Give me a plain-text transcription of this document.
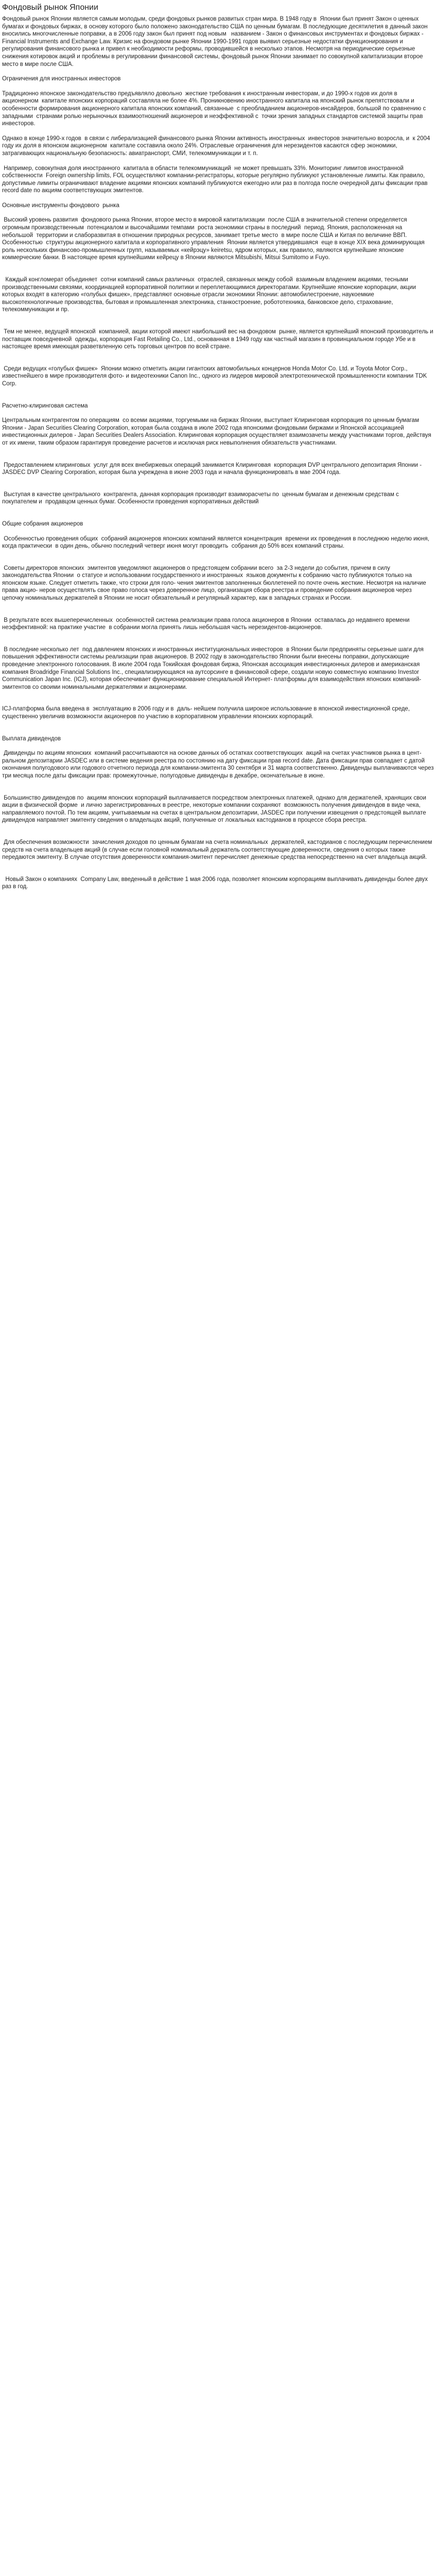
Фондовый рынок Японии

Фондовый рынок Японии является самым молодым, среди фондовых рынков развитых стран мира. В 1948 году в  Японии был принят Закон о ценных бумагах и фондовых биржах, в основу которого было положено законодательство США по ценным бумагам. В последующие десятилетия в данный закон вносились многочисленные поправки, а в 2006 году закон был принят под новым   названием - Закон о финансовых инструментах и фондовых биржах - Financial Instruments and Exchange Law. Кризис на фондовом рынке Японии 1990-1991 годов выявил серьезные недостатки функционирования и регулирования финансового рынка и привел к необходимости реформы, проводившейся в несколько этапов. Несмотря на периодические серьезные снижения котировок акций и проблемы в регулировании финансовой системы, фондовый рынок Японии занимает по совокупной капитализации второе место в мире после США.

Ограничения для иностранных инвесторов

Традиционно японское законодательство предъявляло довольно  жесткие требования к иностранным инвесторам, и до 1990-х годов их доля в акционерном  капитале японских корпораций составляла не более 4%. Проникновению иностранного капитала на японский рынок препятствовали и особенности формирования акционерного капитала японских компаний, связанные  с преобладанием акционеров-инсайдеров, большой по сравнению с западными  странами ролью нерыночных взаимоотношений акционеров и неэффективной с  точки зрения западных стандартов системой защиты прав инвесторов.

Однако в конце 1990-х годов  в связи с либерализацией финансового рынка Японии активность иностранных  инвесторов значительно возросла, и  к 2004 году их доля в японском акционерном  капитале составила около 24%. Отраслевые ограничения для нерезидентов касаются сфер экономики, затрагивающих национальную безопасность: авиатранспорт, СМИ, телекоммуникации и т. п.

Например, совокупная доля иностранного  капитала в области телекоммуникаций  не может превышать 33%. Мониторинг лимитов иностранной собственности  Foreign ownership limits, FOL осуществляют компании-регистраторы, которые регулярно публикуют установленные лимиты. Как правило, допустимые лимиты ограничивают владение акциями японских компаний публикуются ежегодно или раз в полгода после очередной даты фиксации прав record date по акциям соответствующих эмитентов.

Основные инструменты фондового  рынка

Высокий уровень развития  фондового рынка Японии, второе место в мировой капитализации  после США в значительной степени определяется огромным производственным  потенциалом и высочайшими темпами  роста экономики страны в последний  период. Япония, расположенная на небольшой  территории и слаборазвитая в отношении природных ресурсов, занимает третье место  в мире после США и Китая по величине ВВП. Особенностью  структуры акционерного капитала и корпоративного управления  Японии является утвердившаяся  еще в конце XIX века доминирующая  роль нескольких финансово-промышленных групп, называемых «кейрэцу» keiretsu, ядром которых, как правило, являются крупнейшие японские коммерческие банки. В настоящее время крупнейшими кейрецу в Японии являются Mitsubishi, Mitsui Sumitomo и Fuyo.

Каждый конгломерат объединяет  сотни компаний самых различных  отраслей, связанных между собой  взаимным владением акциями, тесными производственными связями, координацией корпоративной политики и переплетающимися директоратами. Крупнейшие японские корпорации, акции которых входят в категорию «голубых фишек», представляют основные отрасли экономики Японии: автомобилестроение, наукоемкие высокотехнологичные производства, бытовая и промышленная электроника, станкостроение, робототехника, банковское дело, страхование, телекоммуникации и пр.

Тем не менее, ведущей японской  компанией, акции которой имеют наибольший вес на фондовом  рынке, является крупнейший японский производитель и поставщик повседневной  одежды, корпорация Fast Retailing Co., Ltd., основанная в 1949 году как частный магазин в провинциальном городе Убе и в настоящее время имеющая разветвленную сеть торговых центров по всей стране.

Среди ведущих «голубых фишек»  Японии можно отметить акции гигантских автомобильных концернов Honda Motor Co. Ltd. и Toyota Motor Corp., известнейшего в мире производителя фото- и видеотехники Canon Inc., одного из лидеров мировой электротехнической промышленности компании TDK Corp.

Расчетно-клиринговая система

Центральным контрагентом по операциям  со всеми акциями, торгуемыми на биржах Японии, выступает Клиринговая корпорация по ценным бумагам Японии - Japan Securities Clearing Corporation, которая была создана в июле 2002 года японскими фондовыми биржами и Японской ассоциацией инвестиционных дилеров - Japan Securities Dealers Association. Клиринговая корпорация осуществляет взаимозачеты между участниками торгов, действуя от их имени, таким образом гарантируя проведение расчетов и исключая риск невыполнения обязательств участниками.

Предоставлением клиринговых  услуг для всех внебиржевых операций занимается Клиринговая  корпорация DVP центрального депозитария Японии -JASDEC DVP Clearing Corporation, которая была учреждена в июне 2003 года и начала функционировать в мае 2004 года.

Выступая в качестве центрального  контрагента, данная корпорация производит взаиморасчеты по  ценным бумагам и денежным средствам с покупателем и  продавцом ценных бумаг. Особенности проведения корпоративных действий

Общие собрания акционеров

Особенностью проведения общих  собраний акционеров японских компаний является концентрация  времени их проведения в последнюю неделю июня, когда практически  в один день, обычно последний четверг июня могут проводить  собрания до 50% всех компаний страны.

Советы директоров японских  эмитентов уведомляют акционеров о предстоящем собрании всего  за 2-3 недели до события, причем в силу законодательства Японии  о статусе и использовании государственного и иностранных  языков документы к собранию часто публикуются только на  японском языке. Следует отметить также, что строки для голо- чения эмитентов заполненных бюллетеней по почте очень жесткие. Несмотря на наличие права акцио- неров осуществлять свое право голоса через доверенное лицо, организация сбора реестра и проведение собрания акционеров через цепочку номинальных держателей в Японии не носит обязательный и регулярный характер, как в западных странах и России.

В результате всех вышеперечисленных  особенностей система реализации права голоса акционеров в Японии  оставалась до недавнего времени неэффективной: на практике участие  в собрании могла принять лишь небольшая часть нерезидентов-акционеров.

В последние несколько лет  под давлением японских и иностранных институциональных инвесторов  в Японии были предприняты серьезные шаги для повышения эффективности системы реализации прав акционеров. В 2002 году в законодательство Японии были внесены поправки, допускающие проведение электронного голосования. В июле 2004 года Токийская фондовая биржа, Японская ассоциация инвестиционных дилеров и американская компания Broadridge Financial Solutions Inc., специализирующаяся на аутсорсинге в финансовой сфере, создали новую совместную компанию Investor Communication Japan Inc. (ICJ), которая обеспечивает функционирование специальной Интернет- платформы для взаимодействия японских компаний-эмитентов со своими номинальными держателями и акционерами.

ICJ-платформа была введена в  эксплуатацию в 2006 году и в  даль- нейшем получила широкое использование в японской инвестиционной среде, существенно увеличив возможности акционеров по участию в корпоративном управлении японских корпораций.

Выплата дивидендов

Дивиденды по акциям японских  компаний рассчитываются на основе данных об остатках соответствующих  акций на счетах участников рынка в цент- ральном депозитарии JASDEC или в системе ведения реестра по состоянию на дату фиксации прав record date. Дата фиксации прав совпадает с датой окончания полугодового или годового отчетного периода для компании-эмитента 30 сентября и 31 марта соответственно. Дивиденды выплачиваются через три месяца после даты фиксации прав: промежуточные, полугодовые дивиденды в декабре, окончательные в июне.

Большинство дивидендов по  акциям японских корпораций выплачивается посредством электронных платежей, однако для держателей, хранящих свои акции в физической форме  и лично зарегистрированных в реестре, некоторые компании сохраняют  возможность получения дивидендов в виде чека, направляемого почтой. По тем акциям, учитываемым на счетах в центральном депозитарии, JASDEC при получении извещения о предстоящей выплате дивидендов направляет эмитенту сведения о владельцах акций, полученные от локальных кастодианов в процессе сбора реестра.

Для обеспечения возможности  зачисления доходов по ценным бумагам на счета номинальных  держателей, кастодианов с последующим перечислением средств на счета владельцев акций (в случае если головной номинальный держатель соответствующие доверенности, сведения о которых также передаются эмитенту. В случае отсутствия доверенности компания-эмитент перечисляет денежные средства непосредственно на счет владельца акций.

Новый Закон о компаниях  Company Law, введенный в действие 1 мая 2006 года, позволяет японским корпорациям выплачивать дивиденды более двух раз в год.
